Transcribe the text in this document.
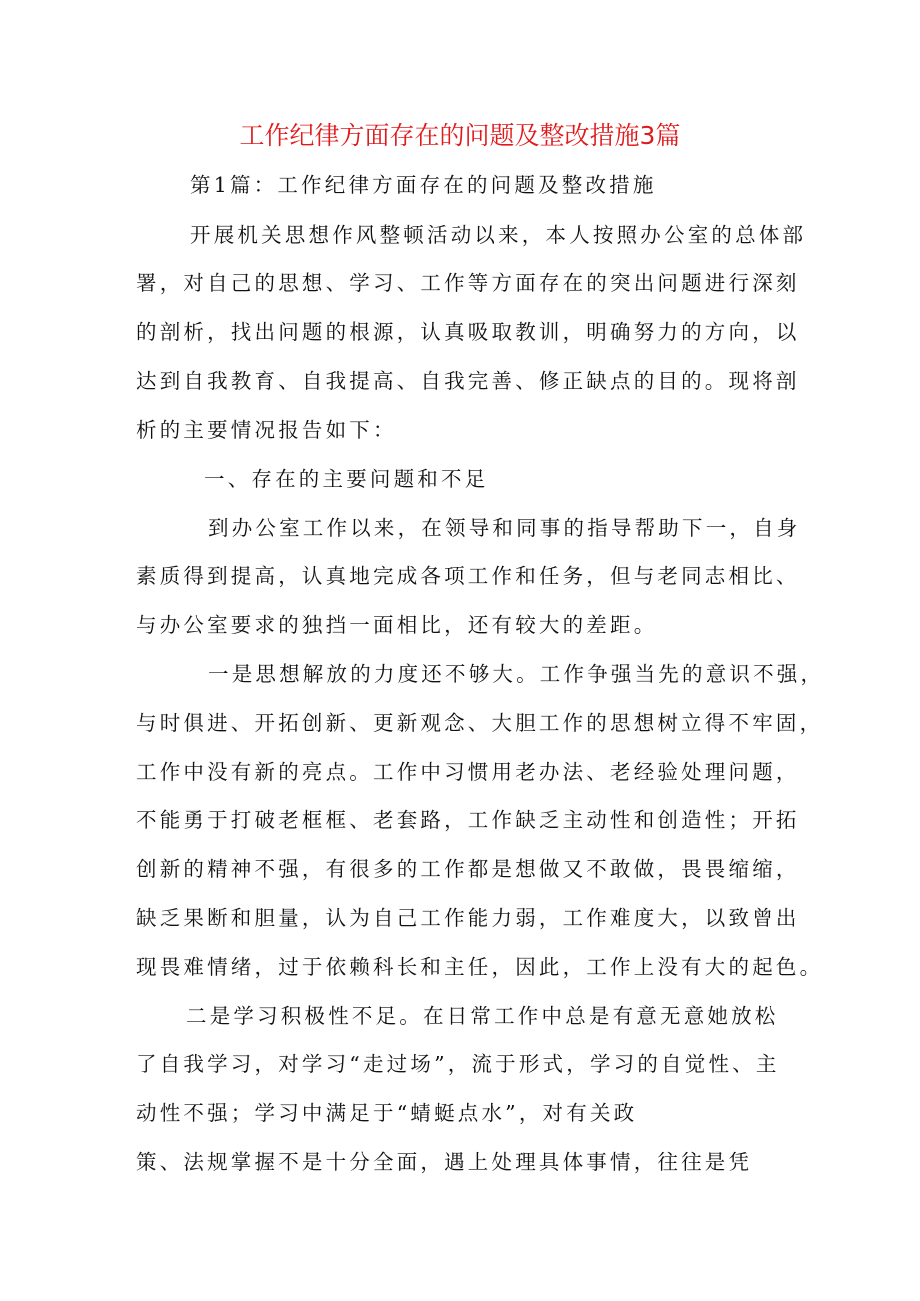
工作纪律方面存在的问题及整改措施3篇
第1篇：工作纪律方面存在的问题及整改措施
开展机关思想作风整顿活动以来，本人按照办公室的总体部
署，对自己的思想、学习、工作等方面存在的突出问题进行深刻
的剖析，找出问题的根源，认真吸取教训，明确努力的方向，以
达到自我教育、自我提高、自我完善、修正缺点的目的。现将剖
析的主要情况报告如下：
一、存在的主要问题和不足
到办公室工作以来，在领导和同事的指导帮助下一，自身
素质得到提高，认真地完成各项工作和任务，但与老同志相比、
与办公室要求的独挡一面相比，还有较大的差距。
一是思想解放的力度还不够大。工作争强当先的意识不强，
与时俱进、开拓创新、更新观念、大胆工作的思想树立得不牢固，
工作中没有新的亮点。工作中习惯用老办法、老经验处理问题，
不能勇于打破老框框、老套路，工作缺乏主动性和创造性；开拓
创新的精神不强，有很多的工作都是想做又不敢做，畏畏缩缩，
缺乏果断和胆量，认为自己工作能力弱，工作难度大，以致曾出
现畏难情绪，过于依赖科长和主任，因此，工作上没有大的起色。
二是学习积极性不足。在日常工作中总是有意无意她放松
了自我学习，对学习“走过场”，流于形式，学习的自觉性、主
动性不强；学习中满足于“蜻蜓点水”，对有关政
策、法规掌握不是十分全面，遇上处理具体事情，往往是凭
